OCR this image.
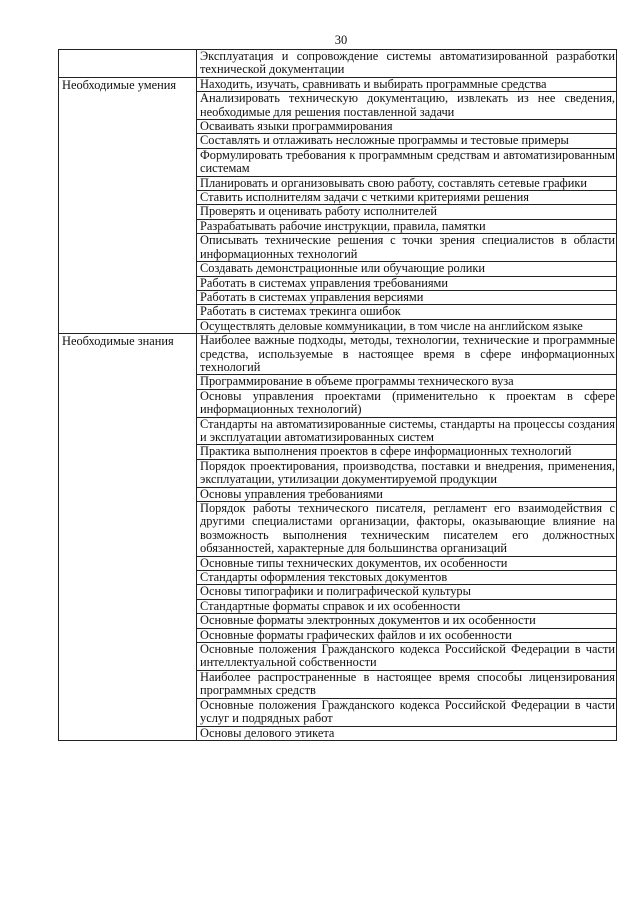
30
	Эксплуатация и сопровождение системы автоматизированной разработки технической документации
Необходимые умения	Находить, изучать, сравнивать и выбирать программные средства
	Анализировать техническую документацию, извлекать из нее сведения, необходимые для решения поставленной задачи
	Осваивать языки программирования
	Составлять и отлаживать несложные программы и тестовые примеры
	Формулировать требования к программным средствам и автоматизированным системам
	Планировать и организовывать свою работу, составлять сетевые графики
	Ставить исполнителям задачи с четкими критериями решения
	Проверять и оценивать работу исполнителей
	Разрабатывать рабочие инструкции, правила, памятки
	Описывать технические решения с точки зрения специалистов в области информационных технологий
	Создавать демонстрационные или обучающие ролики
	Работать в системах управления требованиями
	Работать в системах управления версиями
	Работать в системах трекинга ошибок
	Осуществлять деловые коммуникации, в том числе на английском языке
Необходимые знания	Наиболее важные подходы, методы, технологии, технические и программные средства, используемые в настоящее время в сфере информационных технологий
	Программирование в объеме программы технического вуза
	Основы управления проектами (применительно к проектам в сфере информационных технологий)
	Стандарты на автоматизированные системы, стандарты на процессы создания и эксплуатации автоматизированных систем
	Практика выполнения проектов в сфере информационных технологий
	Порядок проектирования, производства, поставки и внедрения, применения, эксплуатации, утилизации документируемой продукции
	Основы управления требованиями
	Порядок работы технического писателя, регламент его взаимодействия с другими специалистами организации, факторы, оказывающие влияние на возможность выполнения техническим писателем его должностных обязанностей, характерные для большинства организаций
	Основные типы технических документов, их особенности
	Стандарты оформления текстовых документов
	Основы типографики и полиграфической культуры
	Стандартные форматы справок и их особенности
	Основные форматы электронных документов и их особенности
	Основные форматы графических файлов и их особенности
	Основные положения Гражданского кодекса Российской Федерации в части интеллектуальной собственности
	Наиболее распространенные в настоящее время способы лицензирования программных средств
	Основные положения Гражданского кодекса Российской Федерации в части услуг и подрядных работ
	Основы делового этикета
